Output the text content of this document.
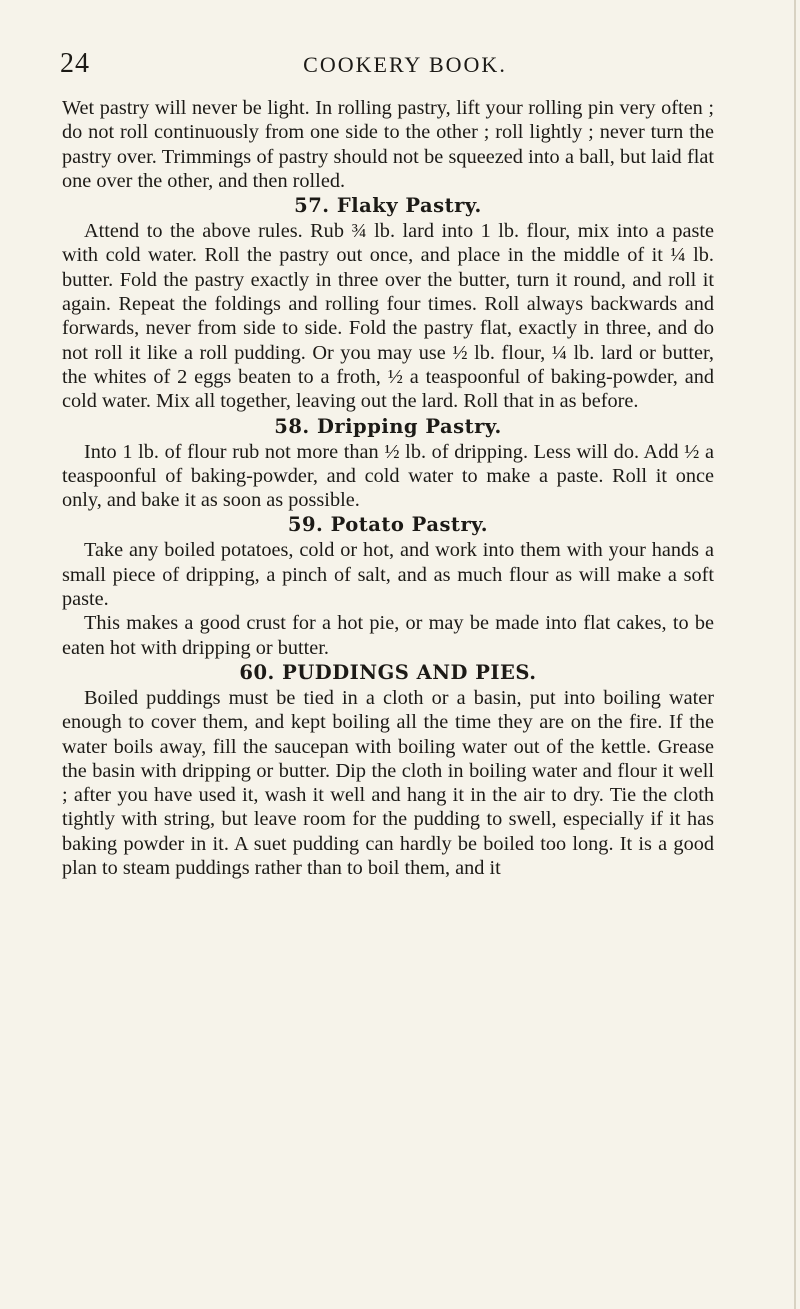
24	COOKERY BOOK.

Wet pastry will never be light. In rolling pastry, lift your rolling pin very often ; do not roll continuously from one side to the other ; roll lightly ; never turn the pastry over. Trimmings of pastry should not be squeezed into a ball, but laid flat one over the other, and then rolled.

57. Flaky Pastry.

Attend to the above rules. Rub ¾ lb. lard into 1 lb. flour, mix into a paste with cold water. Roll the pastry out once, and place in the middle of it ¼ lb. butter. Fold the pastry exactly in three over the butter, turn it round, and roll it again. Repeat the foldings and rolling four times. Roll always backwards and forwards, never from side to side. Fold the pastry flat, exactly in three, and do not roll it like a roll pudding. Or you may use ½ lb. flour, ¼ lb. lard or butter, the whites of 2 eggs beaten to a froth, ½ a teaspoonful of baking-powder, and cold water. Mix all together, leaving out the lard. Roll that in as before.

58. Dripping Pastry.

Into 1 lb. of flour rub not more than ½ lb. of dripping. Less will do. Add ½ a teaspoonful of baking-powder, and cold water to make a paste. Roll it once only, and bake it as soon as possible.

59. Potato Pastry.

Take any boiled potatoes, cold or hot, and work into them with your hands a small piece of dripping, a pinch of salt, and as much flour as will make a soft paste.

This makes a good crust for a hot pie, or may be made into flat cakes, to be eaten hot with dripping or butter.

60. PUDDINGS AND PIES.

Boiled puddings must be tied in a cloth or a basin, put into boiling water enough to cover them, and kept boiling all the time they are on the fire. If the water boils away, fill the saucepan with boiling water out of the kettle. Grease the basin with dripping or butter. Dip the cloth in boiling water and flour it well ; after you have used it, wash it well and hang it in the air to dry. Tie the cloth tightly with string, but leave room for the pudding to swell, especially if it has baking powder in it. A suet pudding can hardly be boiled too long. It is a good plan to steam puddings rather than to boil them, and it
